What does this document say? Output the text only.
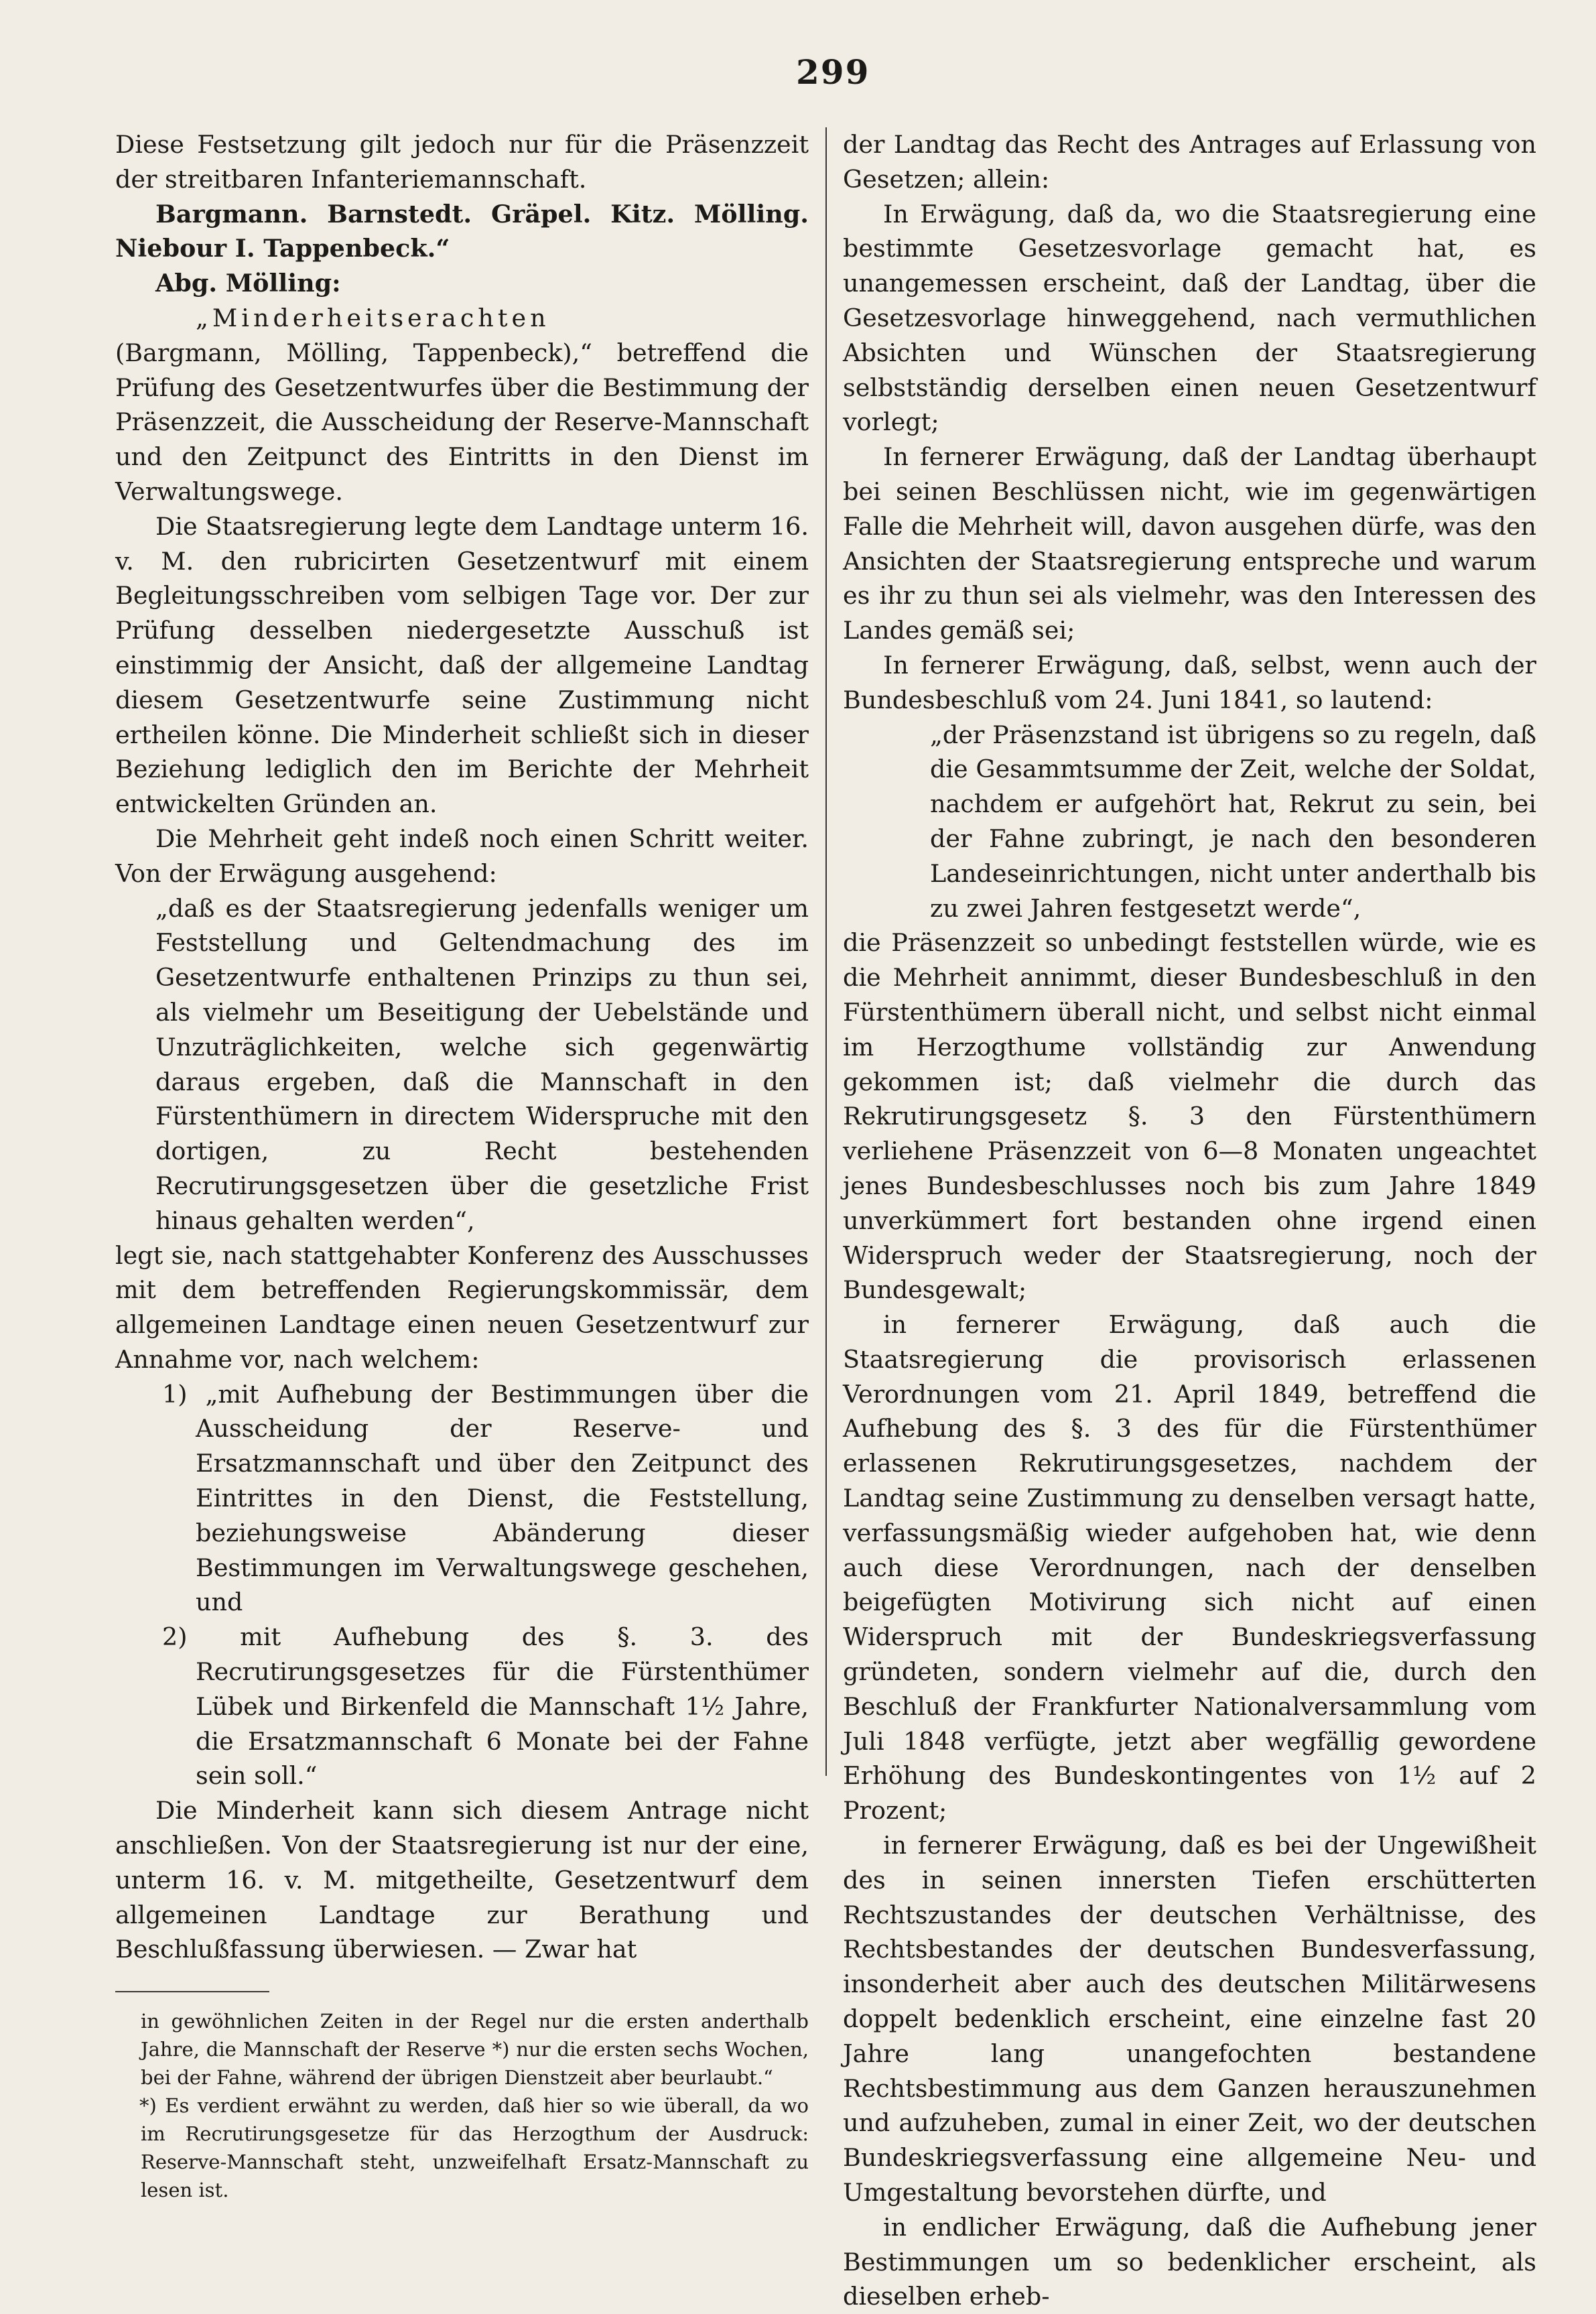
299

Diese Festsetzung gilt jedoch nur für die Präsenzzeit der streitbaren Infanteriemannschaft.

Bargmann. Barnstedt. Gräpel. Kitz. Mölling. Niebour I. Tappenbeck.“

Abg. Mölling:

„Minderheitserachten

(Bargmann, Mölling, Tappenbeck),“ betreffend die Prüfung des Gesetzentwurfes über die Bestimmung der Präsenzzeit, die Ausscheidung der Reserve-Mannschaft und den Zeitpunct des Eintritts in den Dienst im Verwaltungswege.

Die Staatsregierung legte dem Landtage unterm 16. v. M. den rubricirten Gesetzentwurf mit einem Begleitungsschreiben vom selbigen Tage vor. Der zur Prüfung desselben niedergesetzte Ausschuß ist einstimmig der Ansicht, daß der allgemeine Landtag diesem Gesetzentwurfe seine Zustimmung nicht ertheilen könne. Die Minderheit schließt sich in dieser Beziehung lediglich den im Berichte der Mehrheit entwickelten Gründen an.

Die Mehrheit geht indeß noch einen Schritt weiter. Von der Erwägung ausgehend:

„daß es der Staatsregierung jedenfalls weniger um Feststellung und Geltendmachung des im Gesetzentwurfe enthaltenen Prinzips zu thun sei, als vielmehr um Beseitigung der Uebelstände und Unzuträglichkeiten, welche sich gegenwärtig daraus ergeben, daß die Mannschaft in den Fürstenthümern in directem Widerspruche mit den dortigen, zu Recht bestehenden Recrutirungsgesetzen über die gesetzliche Frist hinaus gehalten werden“,

legt sie, nach stattgehabter Konferenz des Ausschusses mit dem betreffenden Regierungskommissär, dem allgemeinen Landtage einen neuen Gesetzentwurf zur Annahme vor, nach welchem:

1) „mit Aufhebung der Bestimmungen über die Ausscheidung der Reserve- und Ersatzmannschaft und über den Zeitpunct des Eintrittes in den Dienst, die Feststellung, beziehungsweise Abänderung dieser Bestimmungen im Verwaltungswege geschehen, und

2) mit Aufhebung des §. 3. des Recrutirungsgesetzes für die Fürstenthümer Lübek und Birkenfeld die Mannschaft 1½ Jahre, die Ersatzmannschaft 6 Monate bei der Fahne sein soll.“

Die Minderheit kann sich diesem Antrage nicht anschließen. Von der Staatsregierung ist nur der eine, unterm 16. v. M. mitgetheilte, Gesetzentwurf dem allgemeinen Landtage zur Berathung und Beschlußfassung überwiesen. — Zwar hat

in gewöhnlichen Zeiten in der Regel nur die ersten anderthalb Jahre, die Mannschaft der Reserve *) nur die ersten sechs Wochen, bei der Fahne, während der übrigen Dienstzeit aber beurlaubt.“

*) Es verdient erwähnt zu werden, daß hier so wie überall, da wo im Recrutirungsgesetze für das Herzogthum der Ausdruck: Reserve-Mannschaft steht, unzweifelhaft Ersatz-Mannschaft zu lesen ist.

der Landtag das Recht des Antrages auf Erlassung von Gesetzen; allein:

In Erwägung, daß da, wo die Staatsregierung eine bestimmte Gesetzesvorlage gemacht hat, es unangemessen erscheint, daß der Landtag, über die Gesetzesvorlage hinweggehend, nach vermuthlichen Absichten und Wünschen der Staatsregierung selbstständig derselben einen neuen Gesetzentwurf vorlegt;

In fernerer Erwägung, daß der Landtag überhaupt bei seinen Beschlüssen nicht, wie im gegenwärtigen Falle die Mehrheit will, davon ausgehen dürfe, was den Ansichten der Staatsregierung entspreche und warum es ihr zu thun sei als vielmehr, was den Interessen des Landes gemäß sei;

In fernerer Erwägung, daß, selbst, wenn auch der Bundesbeschluß vom 24. Juni 1841, so lautend:

„der Präsenzstand ist übrigens so zu regeln, daß die Gesammtsumme der Zeit, welche der Soldat, nachdem er aufgehört hat, Rekrut zu sein, bei der Fahne zubringt, je nach den besonderen Landeseinrichtungen, nicht unter anderthalb bis zu zwei Jahren festgesetzt werde“,

die Präsenzzeit so unbedingt feststellen würde, wie es die Mehrheit annimmt, dieser Bundesbeschluß in den Fürstenthümern überall nicht, und selbst nicht einmal im Herzogthume vollständig zur Anwendung gekommen ist; daß vielmehr die durch das Rekrutirungsgesetz §. 3 den Fürstenthümern verliehene Präsenzzeit von 6—8 Monaten ungeachtet jenes Bundesbeschlusses noch bis zum Jahre 1849 unverkümmert fort bestanden ohne irgend einen Widerspruch weder der Staatsregierung, noch der Bundesgewalt;

in fernerer Erwägung, daß auch die Staatsregierung die provisorisch erlassenen Verordnungen vom 21. April 1849, betreffend die Aufhebung des §. 3 des für die Fürstenthümer erlassenen Rekrutirungsgesetzes, nachdem der Landtag seine Zustimmung zu denselben versagt hatte, verfassungsmäßig wieder aufgehoben hat, wie denn auch diese Verordnungen, nach der denselben beigefügten Motivirung sich nicht auf einen Widerspruch mit der Bundeskriegsverfassung gründeten, sondern vielmehr auf die, durch den Beschluß der Frankfurter Nationalversammlung vom Juli 1848 verfügte, jetzt aber wegfällig gewordene Erhöhung des Bundeskontingentes von 1½ auf 2 Prozent;

in fernerer Erwägung, daß es bei der Ungewißheit des in seinen innersten Tiefen erschütterten Rechtszustandes der deutschen Verhältnisse, des Rechtsbestandes der deutschen Bundesverfassung, insonderheit aber auch des deutschen Militärwesens doppelt bedenklich erscheint, eine einzelne fast 20 Jahre lang unangefochten bestandene Rechtsbestimmung aus dem Ganzen herauszunehmen und aufzuheben, zumal in einer Zeit, wo der deutschen Bundeskriegsverfassung eine allgemeine Neu- und Umgestaltung bevorstehen dürfte, und

in endlicher Erwägung, daß die Aufhebung jener Bestimmungen um so bedenklicher erscheint, als dieselben erheb-
